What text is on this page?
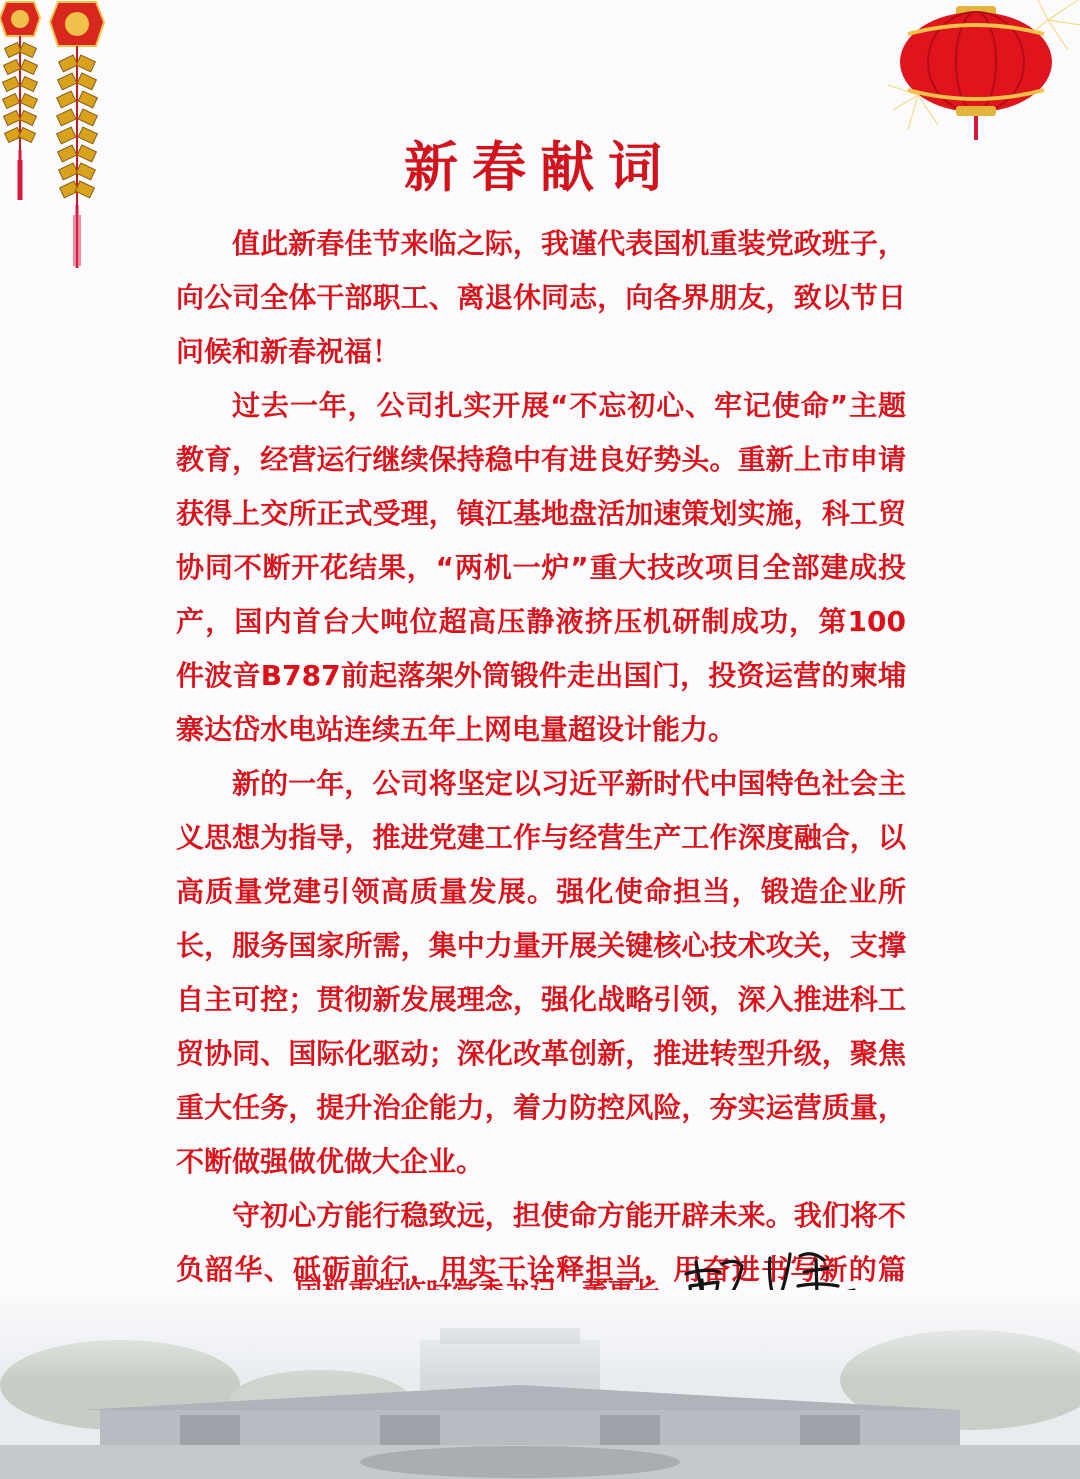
新春献词

值此新春佳节来临之际，我谨代表国机重装党政班子，向公司全体干部职工、离退休同志，向各界朋友，致以节日问候和新春祝福！

过去一年，公司扎实开展“不忘初心、牢记使命”主题教育，经营运行继续保持稳中有进良好势头。重新上市申请获得上交所正式受理，镇江基地盘活加速策划实施，科工贸协同不断开花结果，“两机一炉”重大技改项目全部建成投产，国内首台大吨位超高压静液挤压机研制成功，第100件波音B787前起落架外筒锻件走出国门，投资运营的柬埔寨达岱水电站连续五年上网电量超设计能力。

新的一年，公司将坚定以习近平新时代中国特色社会主义思想为指导，推进党建工作与经营生产工作深度融合，以高质量党建引领高质量发展。强化使命担当，锻造企业所长，服务国家所需，集中力量开展关键核心技术攻关，支撑自主可控；贯彻新发展理念，强化战略引领，深入推进科工贸协同、国际化驱动；深化改革创新，推进转型升级，聚焦重大任务，提升治企能力，着力防控风险，夯实运营质量，不断做强做优做大企业。

守初心方能行稳致远，担使命方能开辟未来。我们将不负韶华、砥砺前行，用实干诠释担当，用奋进书写新的篇
